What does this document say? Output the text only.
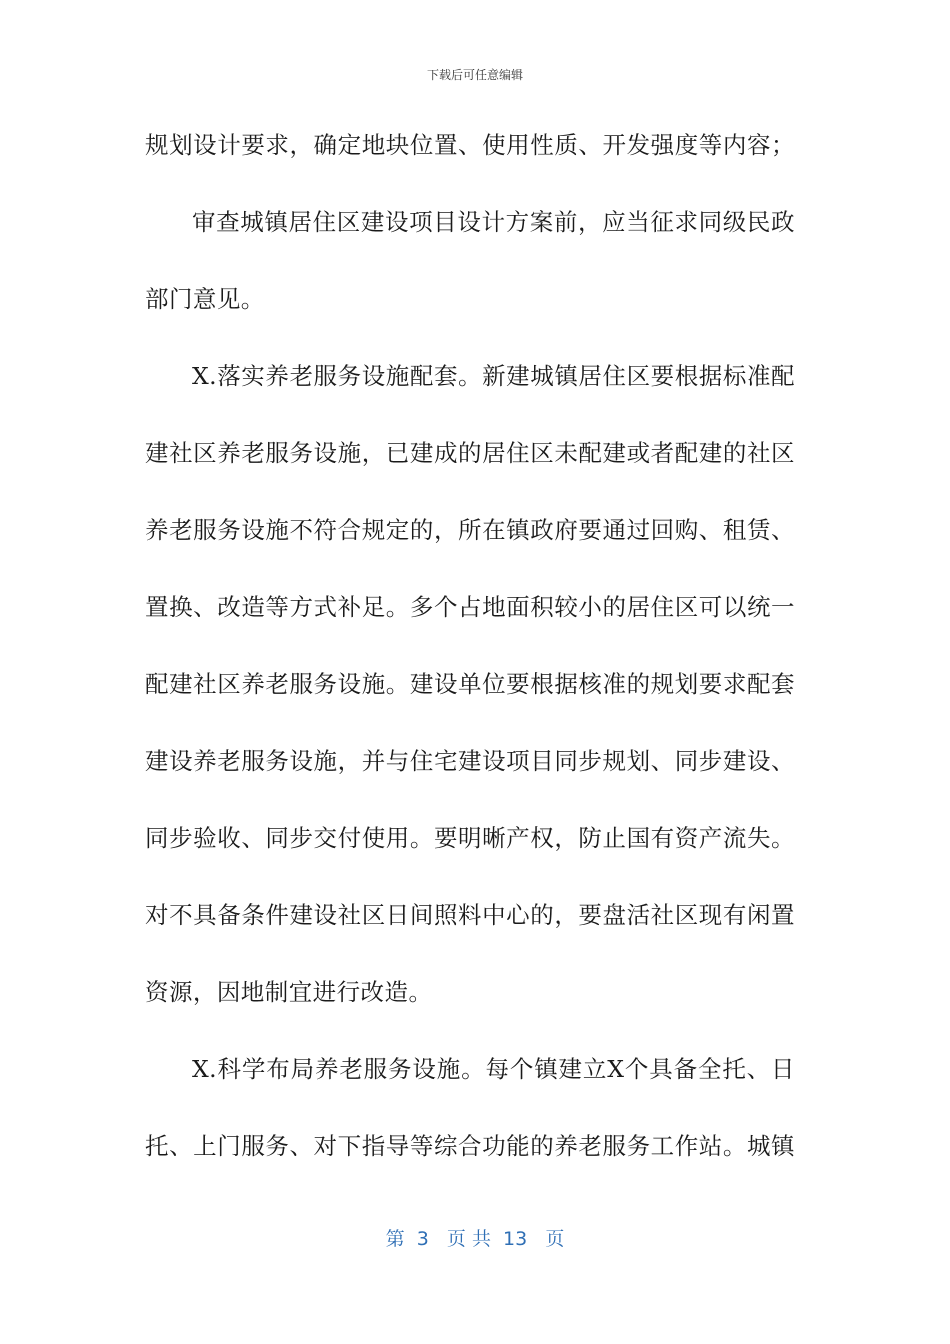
下载后可任意编辑
规划设计要求，确定地块位置、使用性质、开发强度等内容；
审查城镇居住区建设项目设计方案前，应当征求同级民政
部门意见。
X.落实养老服务设施配套。新建城镇居住区要根据标准配
建社区养老服务设施，已建成的居住区未配建或者配建的社区
养老服务设施不符合规定的，所在镇政府要通过回购、租赁、
置换、改造等方式补足。多个占地面积较小的居住区可以统一
配建社区养老服务设施。建设单位要根据核准的规划要求配套
建设养老服务设施，并与住宅建设项目同步规划、同步建设、
同步验收、同步交付使用。要明晰产权，防止国有资产流失。
对不具备条件建设社区日间照料中心的，要盘活社区现有闲置
资源，因地制宜进行改造。
X.科学布局养老服务设施。每个镇建立X个具备全托、日
托、上门服务、对下指导等综合功能的养老服务工作站。城镇
第  3   页 共  13   页
